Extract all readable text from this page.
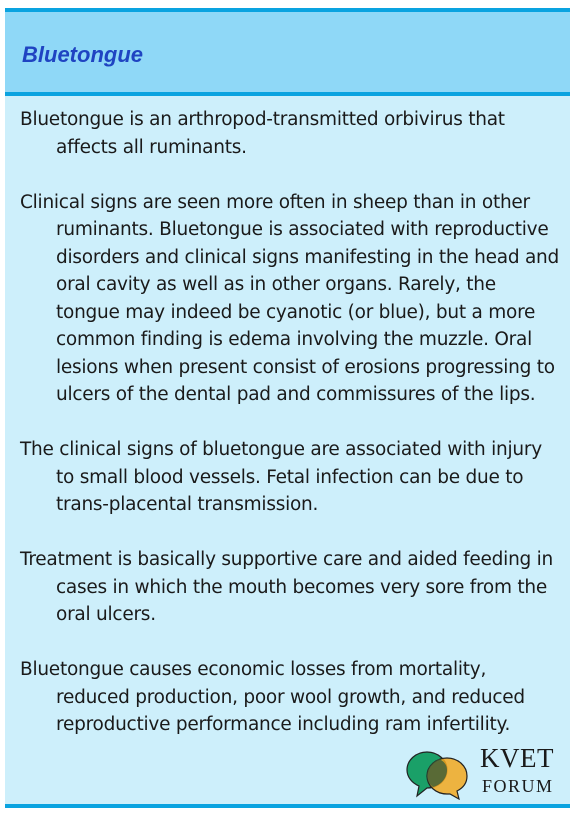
Bluetongue

Bluetongue is an arthropod-transmitted orbivirus that affects all ruminants.

Clinical signs are seen more often in sheep than in other ruminants. Bluetongue is associated with reproductive disorders and clinical signs manifesting in the head and oral cavity as well as in other organs. Rarely, the tongue may indeed be cyanotic (or blue), but a more common finding is edema involving the muzzle. Oral lesions when present consist of erosions progressing to ulcers of the dental pad and commissures of the lips.

The clinical signs of bluetongue are associated with injury to small blood vessels. Fetal infection can be due to trans-placental transmission.

Treatment is basically supportive care and aided feeding in cases in which the mouth becomes very sore from the oral ulcers.

Bluetongue causes economic losses from mortality, reduced production, poor wool growth, and reduced reproductive performance including ram infertility.

KVET
FORUM
